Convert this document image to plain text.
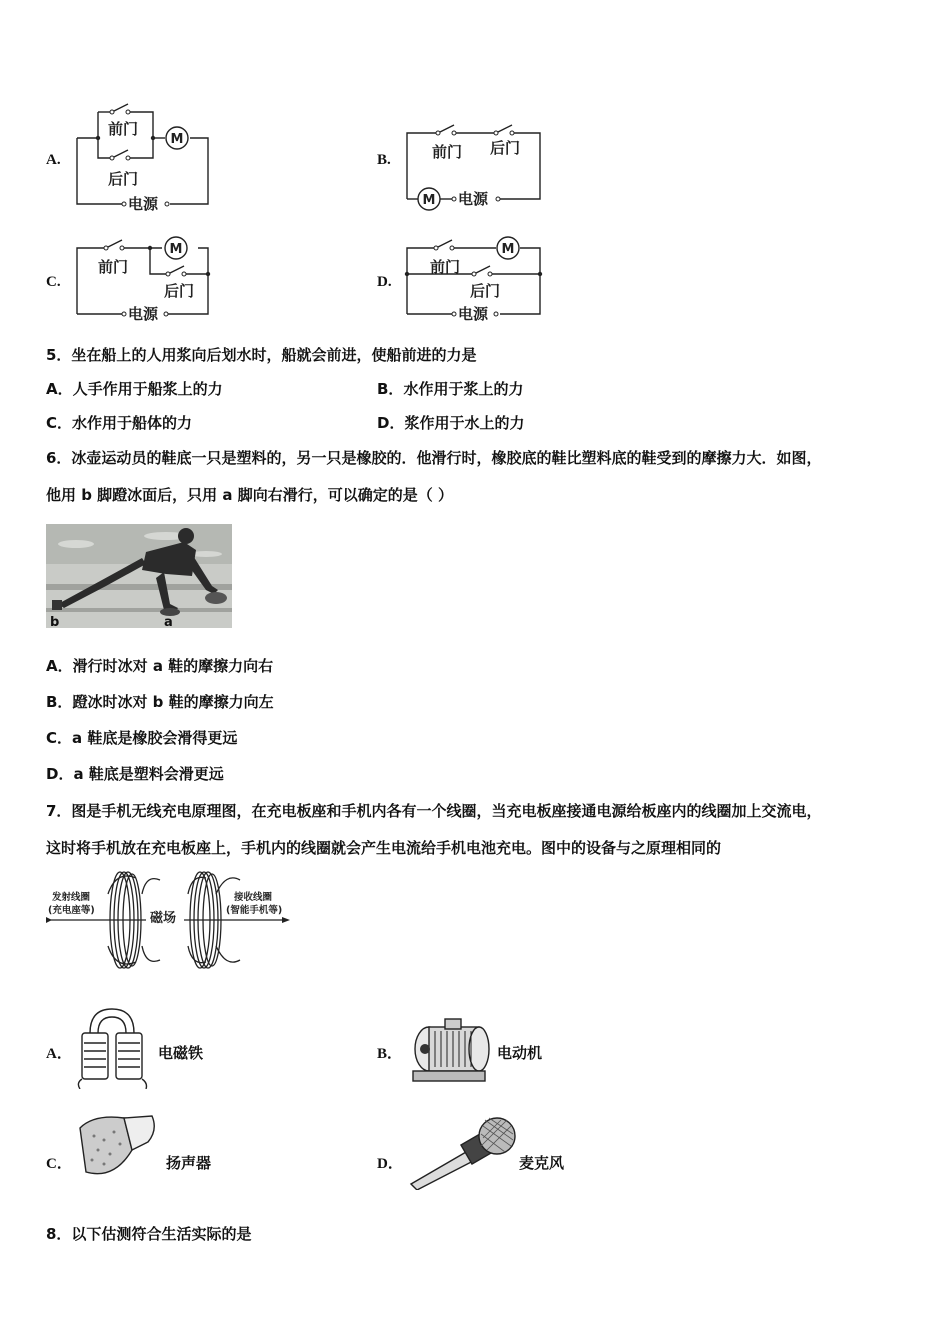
A.
M
前门
后门
电源
B.
M
前门 后门
电源
C.
M
前门
后门
电源
D.
M
前门
后门
电源
5．坐在船上的人用浆向后划水时，船就会前进，使船前进的力是
A．人手作用于船浆上的力	B．水作用于浆上的力
C．水作用于船体的力	D．浆作用于水上的力
6．冰壶运动员的鞋底一只是塑料的，另一只是橡胶的．他滑行时，橡胶底的鞋比塑料底的鞋受到的摩擦力大．如图，
他用 b 脚蹬冰面后，只用 a 脚向右滑行，可以确定的是（ ）
b	a
A．滑行时冰对 a 鞋的摩擦力向右
B．蹬冰时冰对 b 鞋的摩擦力向左
C．a 鞋底是橡胶会滑得更远
D．a 鞋底是塑料会滑更远
7．图是手机无线充电原理图，在充电板座和手机内各有一个线圈，当充电板座接通电源给板座内的线圈加上交流电，
这时将手机放在充电板座上，手机内的线圈就会产生电流给手机电池充电。图中的设备与之原理相同的
发射线圈
(充电座等)
磁场
接收线圈
(智能手机等)
A．	电磁铁	B．	电动机
C．	扬声器	D．	麦克风
8．以下估测符合生活实际的是
